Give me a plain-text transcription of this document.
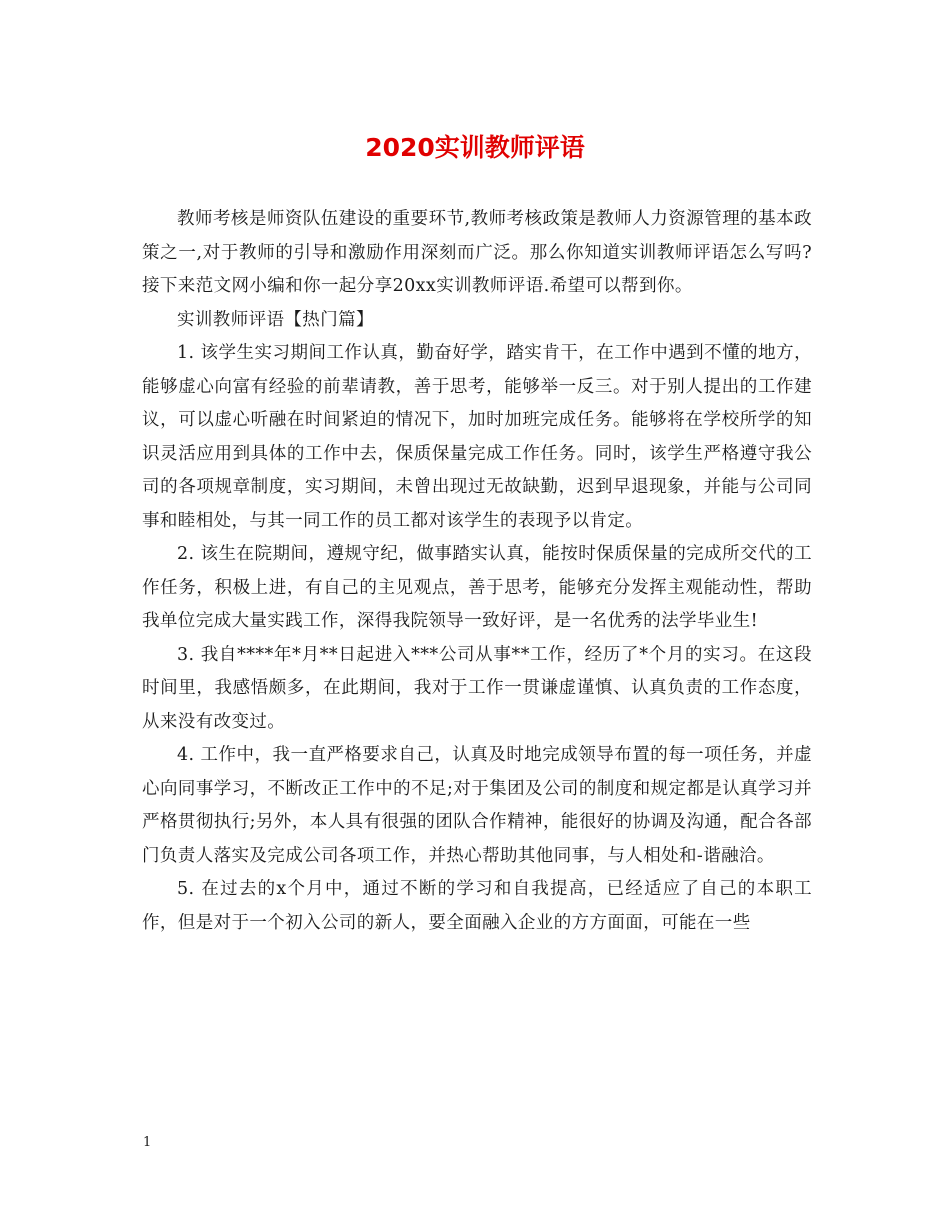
2020实训教师评语

教师考核是师资队伍建设的重要环节,教师考核政策是教师人力资源管理的基本政策之一,对于教师的引导和激励作用深刻而广泛。那么你知道实训教师评语怎么写吗?接下来范文网小编和你一起分享20xx实训教师评语.希望可以帮到你。

实训教师评语【热门篇】

1. 该学生实习期间工作认真，勤奋好学，踏实肯干，在工作中遇到不懂的地方，能够虚心向富有经验的前辈请教，善于思考，能够举一反三。对于别人提出的工作建议，可以虚心听融在时间紧迫的情况下，加时加班完成任务。能够将在学校所学的知识灵活应用到具体的工作中去，保质保量完成工作任务。同时，该学生严格遵守我公司的各项规章制度，实习期间，未曾出现过无故缺勤，迟到早退现象，并能与公司同事和睦相处，与其一同工作的员工都对该学生的表现予以肯定。

2. 该生在院期间，遵规守纪，做事踏实认真，能按时保质保量的完成所交代的工作任务，积极上进，有自己的主见观点，善于思考，能够充分发挥主观能动性，帮助我单位完成大量实践工作，深得我院领导一致好评，是一名优秀的法学毕业生!

3. 我自****年*月**日起进入***公司从事**工作，经历了*个月的实习。在这段时间里，我感悟颇多，在此期间，我对于工作一贯谦虚谨慎、认真负责的工作态度，从来没有改变过。

4. 工作中，我一直严格要求自己，认真及时地完成领导布置的每一项任务，并虚心向同事学习，不断改正工作中的不足;对于集团及公司的制度和规定都是认真学习并严格贯彻执行;另外，本人具有很强的团队合作精神，能很好的协调及沟通，配合各部门负责人落实及完成公司各项工作，并热心帮助其他同事，与人相处和-谐融洽。

5. 在过去的x个月中，通过不断的学习和自我提高，已经适应了自己的本职工作，但是对于一个初入公司的新人，要全面融入企业的方方面面，可能在一些

1
